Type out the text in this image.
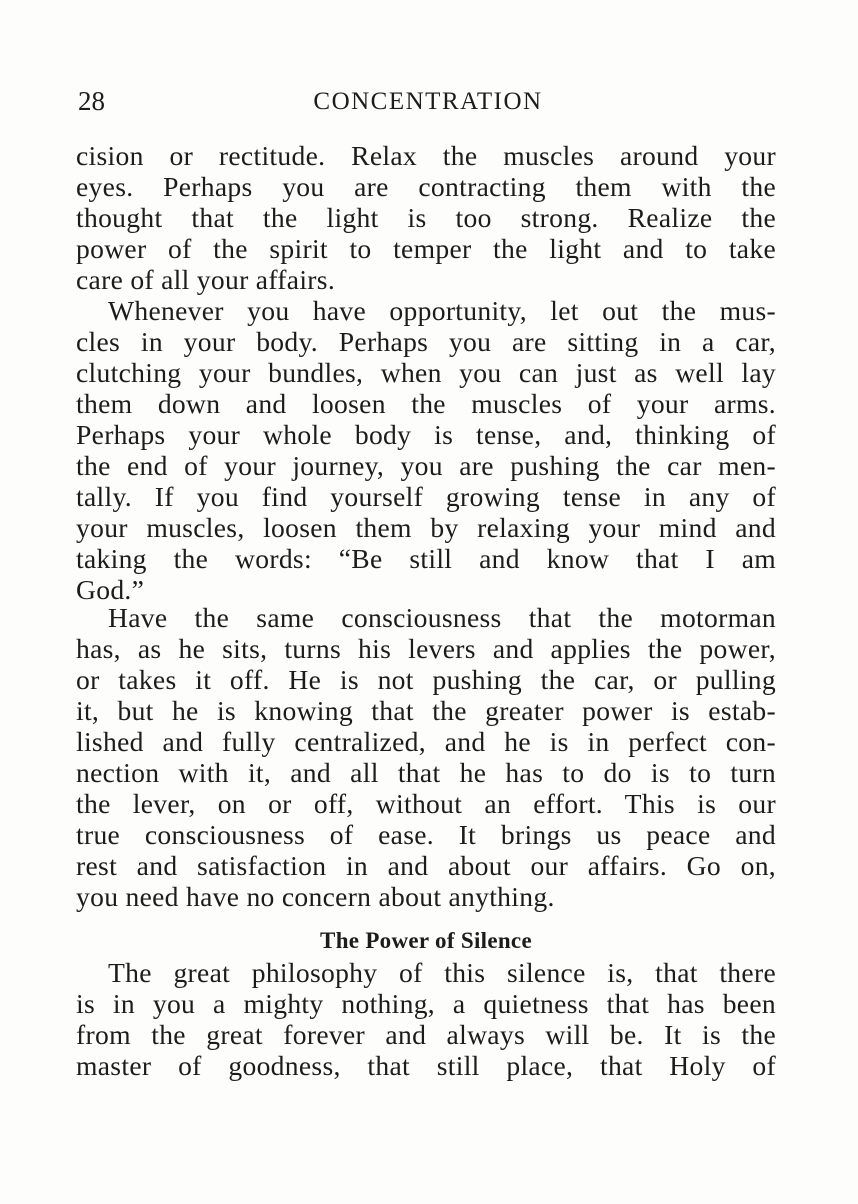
28	CONCENTRATION
cision or rectitude. Relax the muscles around your
eyes. Perhaps you are contracting them with the
thought that the light is too strong. Realize the
power of the spirit to temper the light and to take
care of all your affairs.
Whenever you have opportunity, let out the mus-
cles in your body. Perhaps you are sitting in a car,
clutching your bundles, when you can just as well lay
them down and loosen the muscles of your arms.
Perhaps your whole body is tense, and, thinking of
the end of your journey, you are pushing the car men-
tally. If you find yourself growing tense in any of
your muscles, loosen them by relaxing your mind and
taking the words: “Be still and know that I am
God.”
Have the same consciousness that the motorman
has, as he sits, turns his levers and applies the power,
or takes it off. He is not pushing the car, or pulling
it, but he is knowing that the greater power is estab-
lished and fully centralized, and he is in perfect con-
nection with it, and all that he has to do is to turn
the lever, on or off, without an effort. This is our
true consciousness of ease. It brings us peace and
rest and satisfaction in and about our affairs. Go on,
you need have no concern about anything.
The Power of Silence
The great philosophy of this silence is, that there
is in you a mighty nothing, a quietness that has been
from the great forever and always will be. It is the
master of goodness, that still place, that Holy of
